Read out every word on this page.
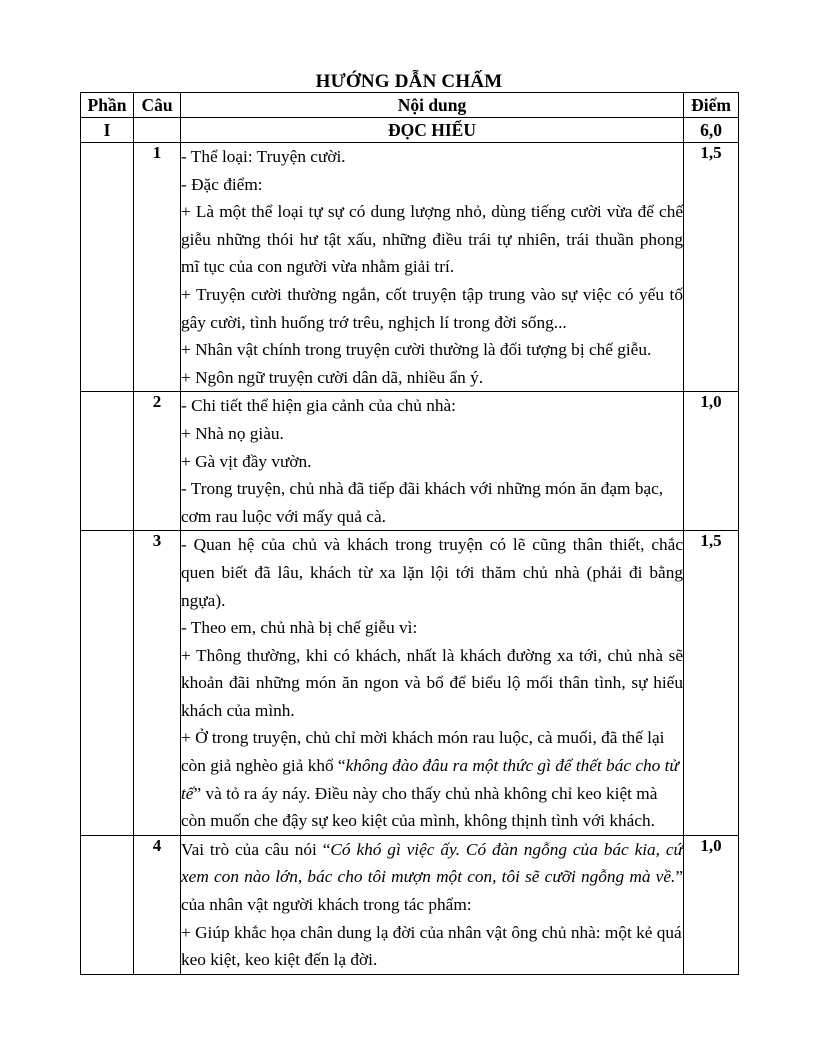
HƯỚNG DẪN CHẤM
Phần	Câu	Nội dung	Điểm
I		ĐỌC HIỂU	6,0
	1	- Thể loại: Truyện cười.

- Đặc điểm:

+ Là một thể loại tự sự có dung lượng nhỏ, dùng tiếng cười vừa để chế giễu những thói hư tật xấu, những điều trái tự nhiên, trái thuần phong mĩ tục của con người vừa nhằm giải trí.

+ Truyện cười thường ngắn, cốt truyện tập trung vào sự việc có yếu tố gây cười, tình huống trớ trêu, nghịch lí trong đời sống...

+ Nhân vật chính trong truyện cười thường là đối tượng bị chế giễu.

+ Ngôn ngữ truyện cười dân dã, nhiều ẩn ý.

	1,5
	2	- Chi tiết thể hiện gia cảnh của chủ nhà:

+ Nhà nọ giàu.

+ Gà vịt đầy vườn.

- Trong truyện, chủ nhà đã tiếp đãi khách với những món ăn đạm bạc, cơm rau luộc với mấy quả cà.	1,0
	3	- Quan hệ của chủ và khách trong truyện có lẽ cũng thân thiết, chắc quen biết đã lâu, khách từ xa lặn lội tới thăm chủ nhà (phải đi bằng ngựa).

- Theo em, chủ nhà bị chế giễu vì:

+ Thông thường, khi có khách, nhất là khách đường xa tới, chủ nhà sẽ khoản đãi những món ăn ngon và bổ để biểu lộ mối thân tình, sự hiếu khách của mình.

+ Ở trong truyện, chủ chỉ mời khách món rau luộc, cà muối, đã thế lại còn giả nghèo giả khổ “không đào đâu ra một thức gì để thết bác cho tử tế” và tỏ ra áy náy. Điều này cho thấy chủ nhà không chỉ keo kiệt mà còn muốn che đậy sự keo kiệt của mình, không thịnh tình với khách.	1,5
	4	Vai trò của câu nói “Có khó gì việc ấy. Có đàn ngỗng của bác kia, cứ xem con nào lớn, bác cho tôi mượn một con, tôi sẽ cưỡi ngỗng mà về.” của nhân vật người khách trong tác phẩm:

+ Giúp khắc họa chân dung lạ đời của nhân vật ông chủ nhà: một kẻ quá keo kiệt, keo kiệt đến lạ đời.	1,0
